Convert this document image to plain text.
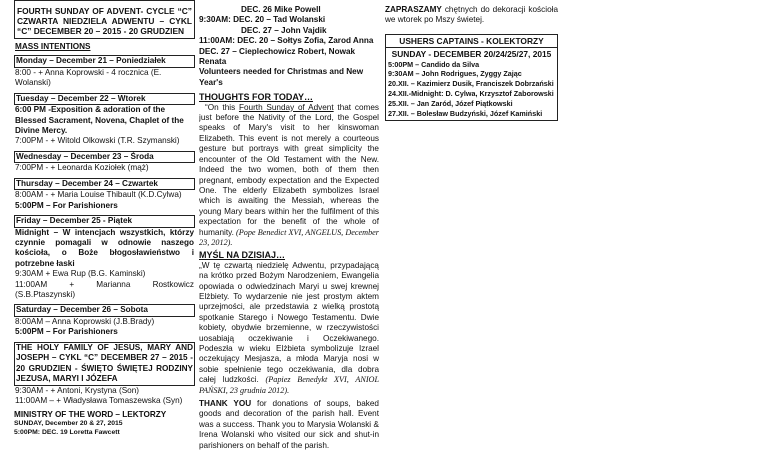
FOURTH SUNDAY OF ADVENT- CYCLE “C” CZWARTA NIEDZIELA ADWENTU – CYKL “C” DECEMBER 20 – 2015 - 20 GRUDZIEN
MASS INTENTIONS
Monday – December 21 – Poniedziałek
8:00 - + Anna Koprowski - 4 rocznica (E. Wolanski)
Tuesday – December 22 – Wtorek
6:00 PM -Exposition & adoration of the Blessed Sacrament, Novena, Chaplet of the Divine Mercy.
7:00PM - + Witold Olkowski (T.R. Szymanski)
Wednesday – December 23 – Środa
7:00PM - + Leonarda Koziołek (mąż)
Thursday – December 24 – Czwartek
8:00AM - + Maria Louise Thibault (K.D.Cylwa)
5:00PM – For Parishioners
Friday – December 25 - Piątek
Midnight – W intencjach wszystkich, którzy czynnie pomagali w odnowie naszego kościoła, o Boże błogosławieństwo i potrzebne łaski
9:30AM + Ewa Rup (B.G. Kaminski)
11:00AM + Marianna Rostkowicz (S.B.Ptaszynski)
Saturday – December 26 – Sobota
8:00AM – Anna Koprowski (J.B.Brady)
5:00PM – For Parishioners
THE HOLY FAMILY OF JESUS, MARY AND JOSEPH – CYKL “C” DECEMBER 27 – 2015 - 20 GRUDZIEN - ŚWIĘTO ŚWIĘTEJ RODZINY JEZUSA, MARYI I JÓZEFA
9:30AM - + Antoni, Krystyna (Son)
11:00AM – + Władysława Tomaszewska (Syn)
MINISTRY OF THE WORD – LEKTORZY
SUNDAY, December 20 & 27, 2015
5:00PM: DEC. 19 Loretta Fawcett
DEC. 26 Mike Powell
9:30AM: DEC. 20 – Tad Wolanski
DEC. 27 – John Vajdik
11:00AM: DEC. 20 – Sołtys Zofia, Zarod Anna
DEC. 27 – Cieplechowicz Robert, Nowak Renata
Volunteers needed for Christmas and New Year's
THOUGHTS FOR TODAY…
“On this Fourth Sunday of Advent that comes just before the Nativity of the Lord, the Gospel speaks of Mary's visit to her kinswoman Elizabeth. This event is not merely a courteous gesture but portrays with great simplicity the encounter of the Old Testament with the New. Indeed the two women, both of them then pregnant, embody expectation and the Expected One. The elderly Elizabeth symbolizes Israel which is awaiting the Messiah, whereas the young Mary bears within her the fulfilment of this expectation for the benefit of the whole of humanity. (Pope Benedict XVI, ANGELUS, December 23, 2012).
MYŚL NA DZISIAJ…
„W tę czwartą niedzielę Adwentu, przypadającą na krótko przed Bożym Narodzeniem, Ewangelia opowiada o odwiedzinach Maryi u swej krewnej Elżbiety. To wydarzenie nie jest prostym aktem uprzejmości, ale przedstawia z wielką prostotą spotkanie Starego i Nowego Testamentu. Dwie kobiety, obydwie brzemienne, w rzeczywistości uosabiają oczekiwanie i Oczekiwanego. Podeszła w wieku Elżbieta symbolizuje Izrael oczekujący Mesjasza, a młoda Maryja nosi w sobie spełnienie tego oczekiwania, dla dobra całej ludzkości. (Papiez Benedykt XVI, ANIOL PAŃSKI, 23 grudnia 2012).
THANK YOU for donations of soups, baked goods and decoration of the parish hall. Event was a success. Thank you to Marysia Wolanski & Irena Wolanski who visited our sick and shut-in parishioners on behalf of the parish.
ZAPRASZAMY chętnych do dekoracji kościoła we wtorek po Mszy świetej.
USHERS CAPTAINS - KOLEKTORZY
SUNDAY - DECEMBER 20/24/25/27, 2015
5:00PM – Candido da Silva
9:30AM – John Rodrigues, Zyggy Zając
20.XII. – Kazimierz Dusik, Franciszek Dobrzański
24.XII.-Midnight: D. Cylwa, Krzysztof Zaborowski
25.XII. – Jan Zaród, Józef Piątkowski
27.XII. – Bolesław Budzyński, Józef Kamiński
